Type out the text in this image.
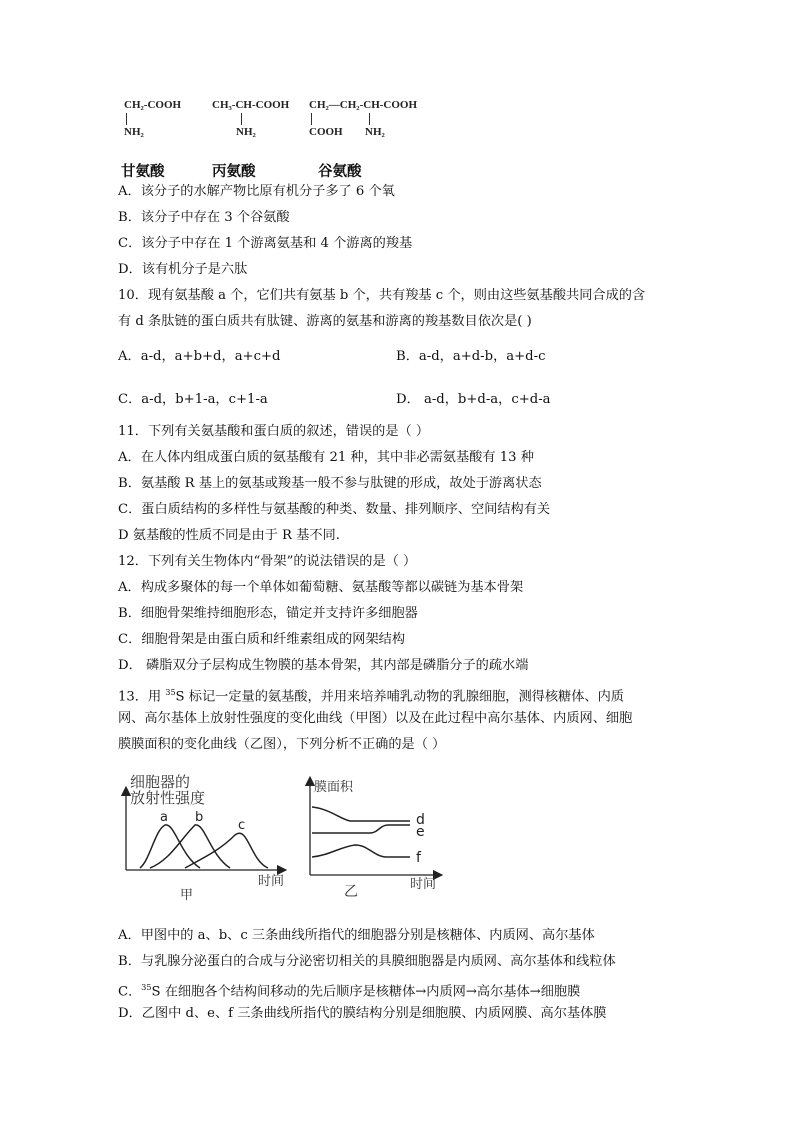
CH₂-COOH
NH₂
CH₃-CH-COOH
NH₂
CH₂—CH₂-CH-COOH
COOH NH₂
甘氨酸	丙氨酸	谷氨酸
A．该分子的水解产物比原有机分子多了 6 个氧
B．该分子中存在 3 个谷氨酸
C．该分子中存在 1 个游离氨基和 4 个游离的羧基
D．该有机分子是六肽
10．现有氨基酸 a 个，它们共有氨基 b 个，共有羧基 c 个，则由这些氨基酸共同合成的含
有 d 条肽链的蛋白质共有肽键、游离的氨基和游离的羧基数目依次是( )
A．a-d，a+b+d，a+c+d	B．a-d，a+d-b，a+d-c
C．a-d，b+1-a，c+1-a	D． a-d，b+d-a，c+d-a
11．下列有关氨基酸和蛋白质的叙述，错误的是（ ）
A．在人体内组成蛋白质的氨基酸有 21 种，其中非必需氨基酸有 13 种
B．氨基酸 R 基上的氨基或羧基一般不参与肽键的形成，故处于游离状态
C．蛋白质结构的多样性与氨基酸的种类、数量、排列顺序、空间结构有关
D 氨基酸的性质不同是由于 R 基不同.
12．下列有关生物体内“骨架”的说法错误的是（ ）
A．构成多聚体的每一个单体如葡萄糖、氨基酸等都以碳链为基本骨架
B．细胞骨架维持细胞形态，锚定并支持许多细胞器
C．细胞骨架是由蛋白质和纤维素组成的网架结构
D． 磷脂双分子层构成生物膜的基本骨架，其内部是磷脂分子的疏水端
13．用 $^{35}$S 标记一定量的氨基酸，并用来培养哺乳动物的乳腺细胞，测得核糖体、内质
网、高尔基体上放射性强度的变化曲线（甲图）以及在此过程中高尔基体、内质网、细胞
膜膜面积的变化曲线（乙图），下列分析不正确的是（ ）
细胞器的
放射性强度
a b
c
时间
甲
膜面积
d
e
f
时间
乙
A．甲图中的 a、b、c 三条曲线所指代的细胞器分别是核糖体、内质网、高尔基体
B．与乳腺分泌蛋白的合成与分泌密切相关的具膜细胞器是内质网、高尔基体和线粒体
C．$^{35}$S 在细胞各个结构间移动的先后顺序是核糖体→内质网→高尔基体→细胞膜
D．乙图中 d、e、f 三条曲线所指代的膜结构分别是细胞膜、内质网膜、高尔基体膜
